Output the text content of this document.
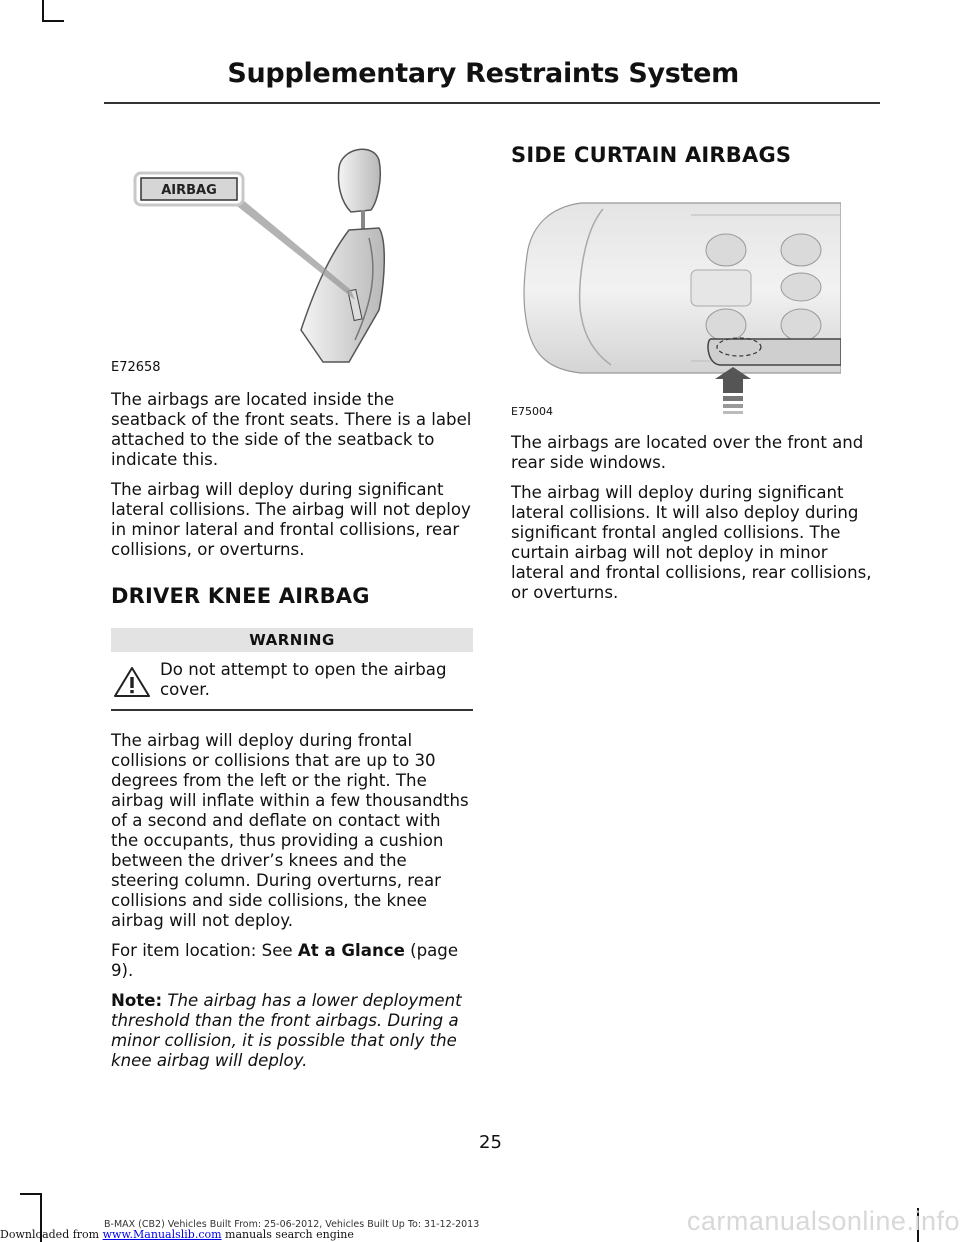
Supplementary Restraints System
AIRBAG
E72658

The airbags are located inside the seatback of the front seats. There is a label attached to the side of the seatback to indicate this.

The airbag will deploy during significant lateral collisions. The airbag will not deploy in minor lateral and frontal collisions, rear collisions, or overturns.

DRIVER KNEE AIRBAG
WARNING
Do not attempt to open the airbag cover.

The airbag will deploy during frontal collisions or collisions that are up to 30 degrees from the left or the right. The airbag will inflate within a few thousandths of a second and deflate on contact with the occupants, thus providing a cushion between the driver’s knees and the steering column. During overturns, rear collisions and side collisions, the knee airbag will not deploy.

For item location: See At a Glance (page 9).

Note: The airbag has a lower deployment threshold than the front airbags. During a minor collision, it is possible that only the knee airbag will deploy.

SIDE CURTAIN AIRBAGS
E75004

The airbags are located over the front and rear side windows.

The airbag will deploy during significant lateral collisions. It will also deploy during significant frontal angled collisions. The curtain airbag will not deploy in minor lateral and frontal collisions, rear collisions, or overturns.

25
B-MAX (CB2) Vehicles Built From: 25-06-2012, Vehicles Built Up To: 31-12-2013
Downloaded from www.Manualslib.com manuals search engine	carmanualsonline.info
